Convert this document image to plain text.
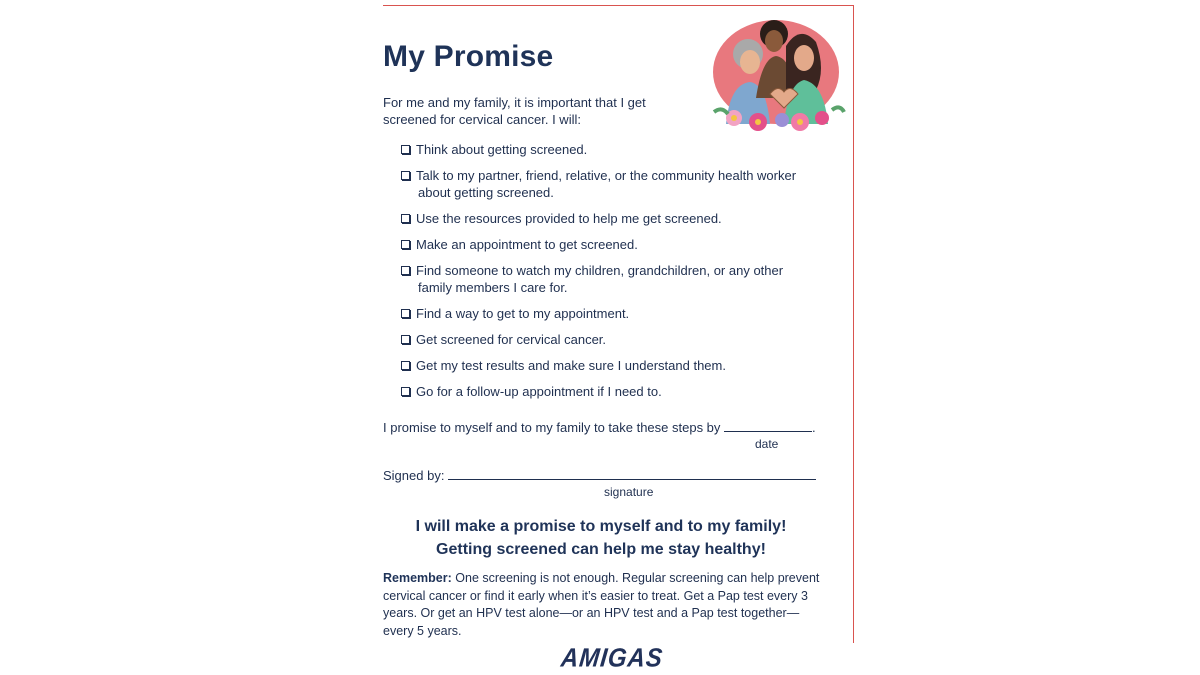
My Promise
For me and my family, it is important that I get screened for cervical cancer. I will:
Think about getting screened.
Talk to my partner, friend, relative, or the community health worker
about getting screened.
Use the resources provided to help me get screened.
Make an appointment to get screened.
Find someone to watch my children, grandchildren, or any other
family members I care for.
Find a way to get to my appointment.
Get screened for cervical cancer.
Get my test results and make sure I understand them.
Go for a follow-up appointment if I need to.
I promise to myself and to my family to take these steps by	.
date
Signed by:
signature
I will make a promise to myself and to my family!
Getting screened can help me stay healthy!
Remember: One screening is not enough. Regular screening can help prevent cervical cancer or find it early when it’s easier to treat. Get a Pap test every 3 years. Or get an HPV test alone—or an HPV test and a Pap test together—every 5 years.
AMIGAS
